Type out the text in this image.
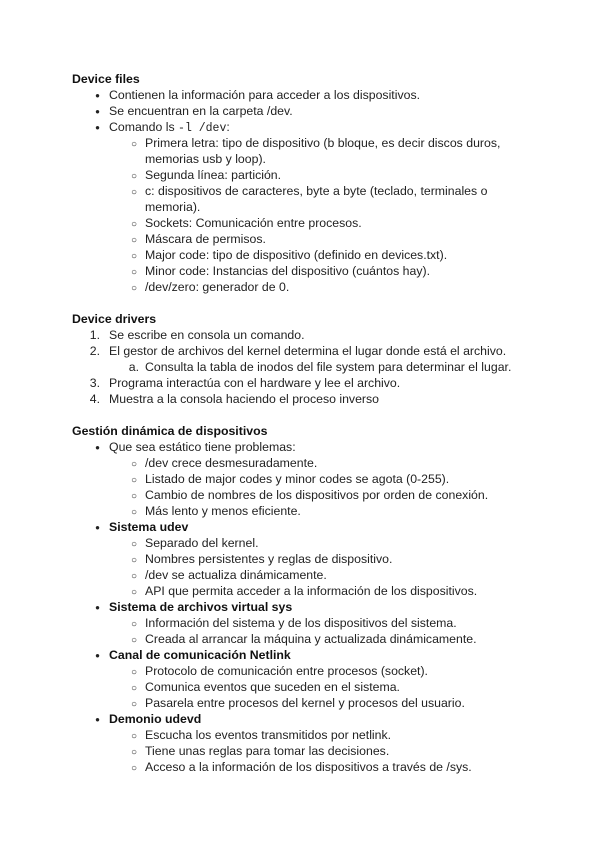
Device files
●
Contienen la información para acceder a los dispositivos.
●
Se encuentran en la carpeta /dev.
●
Comando ls -l /dev:
○
Primera letra: tipo de dispositivo (b bloque, es decir discos duros, memorias usb y loop).
○
Segunda línea: partición.
○
c: dispositivos de caracteres, byte a byte (teclado, terminales o memoria).
○
Sockets: Comunicación entre procesos.
○
Máscara de permisos.
○
Major code: tipo de dispositivo (definido en devices.txt).
○
Minor code: Instancias del dispositivo (cuántos hay).
○
/dev/zero: generador de 0.
Device drivers
1. Se escribe en consola un comando.
2. El gestor de archivos del kernel determina el lugar donde está el archivo.
a. Consulta la tabla de inodos del file system para determinar el lugar.
3. Programa interactúa con el hardware y lee el archivo.
4. Muestra a la consola haciendo el proceso inverso
Gestión dinámica de dispositivos
●
Que sea estático tiene problemas:
○
/dev crece desmesuradamente.
○
Listado de major codes y minor codes se agota (0-255).
○
Cambio de nombres de los dispositivos por orden de conexión.
○
Más lento y menos eficiente.
●
Sistema udev
○
Separado del kernel.
○
Nombres persistentes y reglas de dispositivo.
○
/dev se actualiza dinámicamente.
○
API que permita acceder a la información de los dispositivos.
●
Sistema de archivos virtual sys
○
Información del sistema y de los dispositivos del sistema.
○
Creada al arrancar la máquina y actualizada dinámicamente.
●
Canal de comunicación Netlink
○
Protocolo de comunicación entre procesos (socket).
○
Comunica eventos que suceden en el sistema.
○
Pasarela entre procesos del kernel y procesos del usuario.
●
Demonio udevd
○
Escucha los eventos transmitidos por netlink.
○
Tiene unas reglas para tomar las decisiones.
○
Acceso a la información de los dispositivos a través de /sys.
